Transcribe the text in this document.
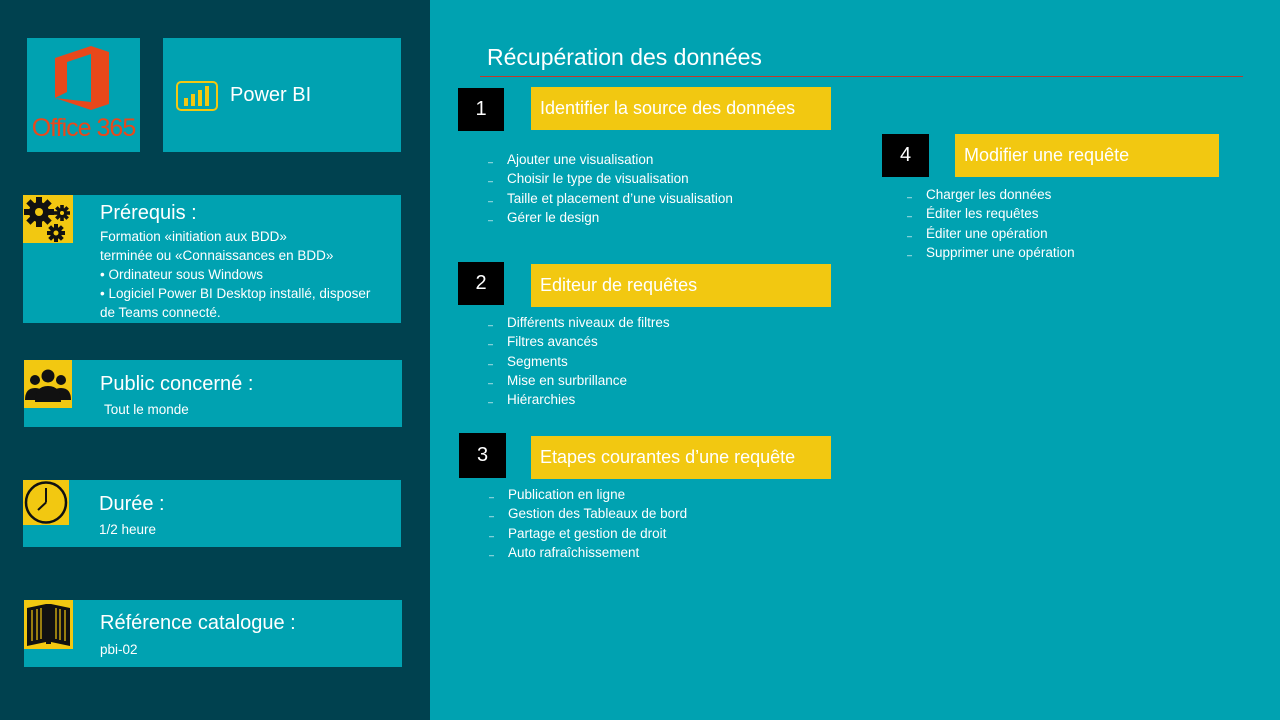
Office 365
Power BI
Prérequis :
Formation «initiation aux BDD»
terminée ou «Connaissances en BDD»
• Ordinateur sous Windows
• Logiciel Power BI Desktop installé, disposer
de Teams connecté.
Public concerné :
Tout le monde
Durée :
1/2 heure
Référence catalogue :
pbi-02
Récupération des données
1	Identifier la source des données
– Ajouter une visualisation
– Choisir le type de visualisation
– Taille et placement d’une visualisation
– Gérer le design
2	Editeur de requêtes
– Différents niveaux de filtres
– Filtres avancés
– Segments
– Mise en surbrillance
– Hiérarchies
3	Etapes courantes d’une requête
– Publication en ligne
– Gestion des Tableaux de bord
– Partage et gestion de droit
– Auto rafraîchissement
4	Modifier une requête
– Charger les données
– Éditer les requêtes
– Éditer une opération
– Supprimer une opération
